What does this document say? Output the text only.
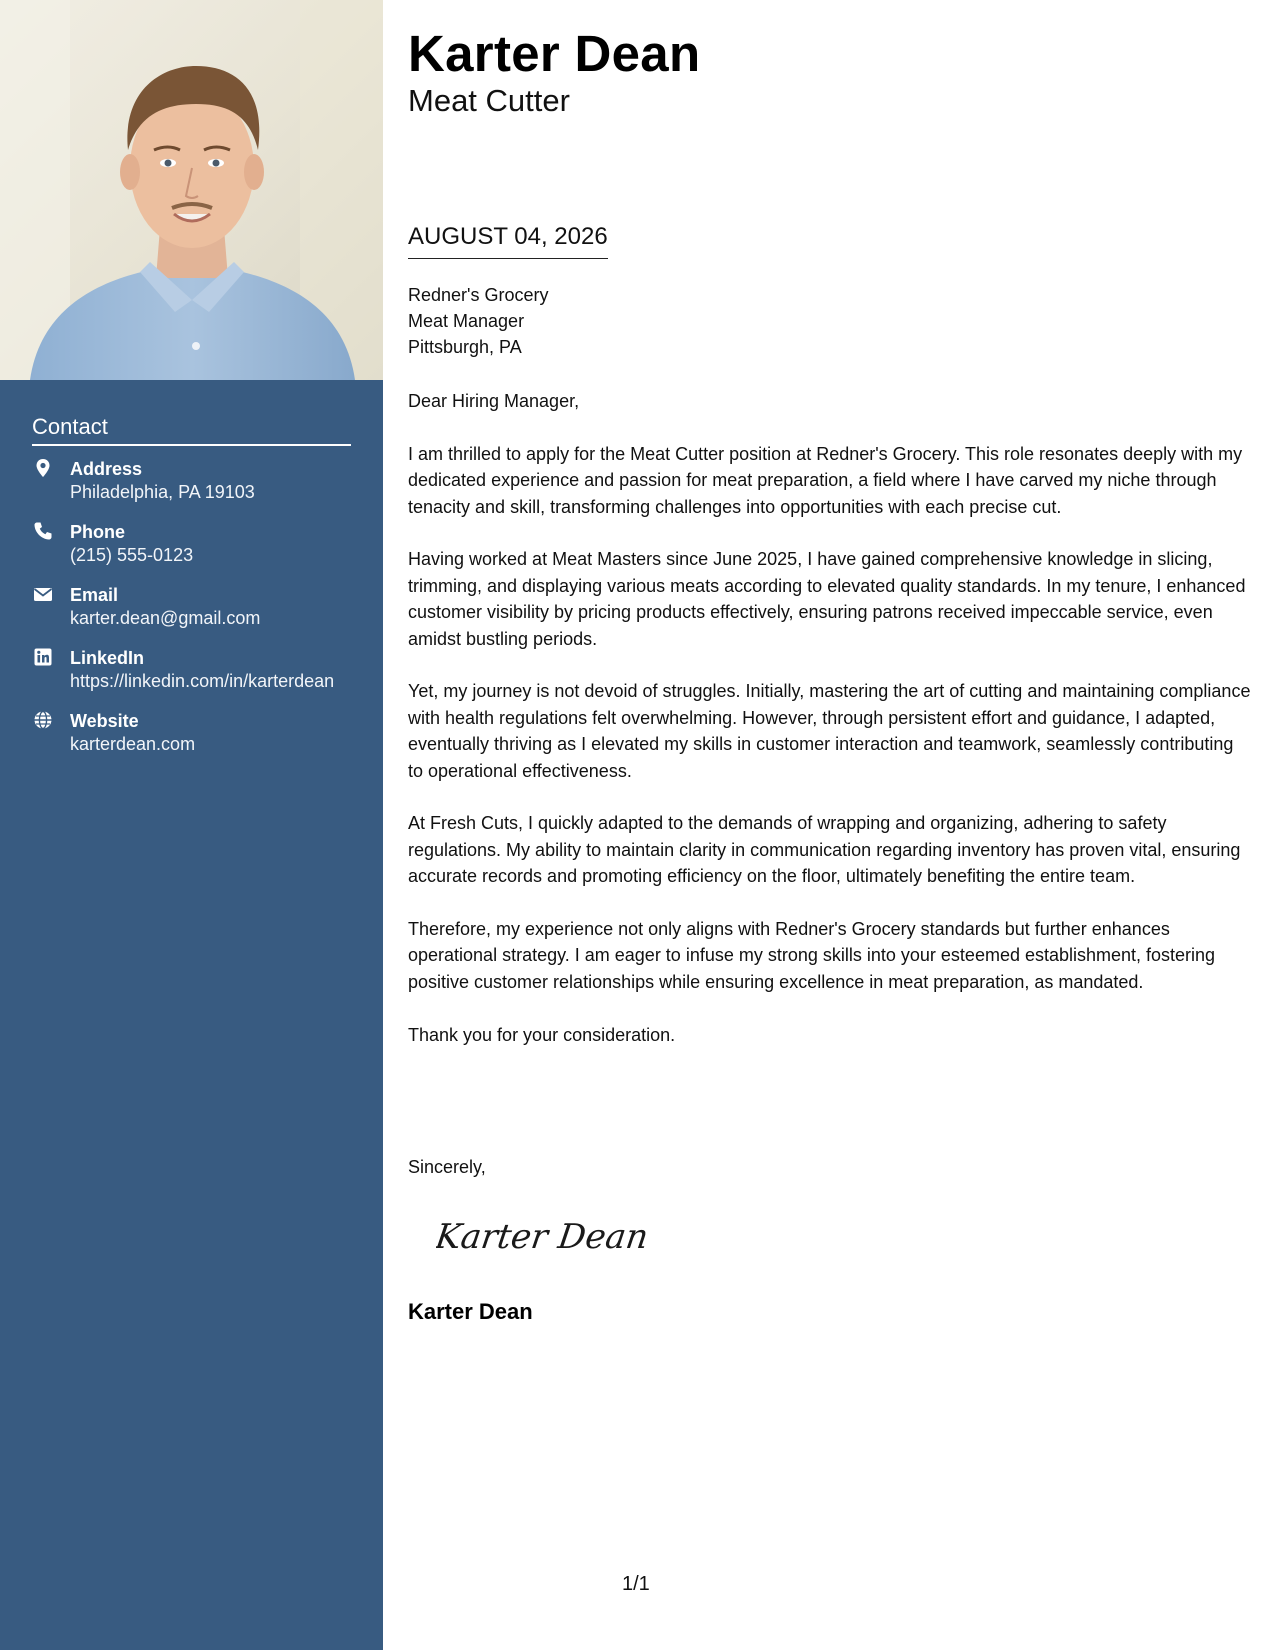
Contact
Address
Philadelphia, PA 19103
Phone
(215) 555-0123
Email
karter.dean@gmail.com
LinkedIn
https://linkedin.com/in/karterdean
Website
karterdean.com
Karter Dean
Meat Cutter
AUGUST 04, 2026
Redner's Grocery
Meat Manager
Pittsburgh, PA

Dear Hiring Manager,

I am thrilled to apply for the Meat Cutter position at Redner's Grocery. This role resonates deeply with my dedicated experience and passion for meat preparation, a field where I have carved my niche through tenacity and skill, transforming challenges into opportunities with each precise cut.

Having worked at Meat Masters since June 2025, I have gained comprehensive knowledge in slicing, trimming, and displaying various meats according to elevated quality standards. In my tenure, I enhanced customer visibility by pricing products effectively, ensuring patrons received impeccable service, even amidst bustling periods.

Yet, my journey is not devoid of struggles. Initially, mastering the art of cutting and maintaining compliance with health regulations felt overwhelming. However, through persistent effort and guidance, I adapted, eventually thriving as I elevated my skills in customer interaction and teamwork, seamlessly contributing to operational effectiveness.

At Fresh Cuts, I quickly adapted to the demands of wrapping and organizing, adhering to safety regulations. My ability to maintain clarity in communication regarding inventory has proven vital, ensuring accurate records and promoting efficiency on the floor, ultimately benefiting the entire team.

Therefore, my experience not only aligns with Redner's Grocery standards but further enhances operational strategy. I am eager to infuse my strong skills into your esteemed establishment, fostering positive customer relationships while ensuring excellence in meat preparation, as mandated.

Thank you for your consideration.

Sincerely,
Karter Dean
Karter Dean
1/1
